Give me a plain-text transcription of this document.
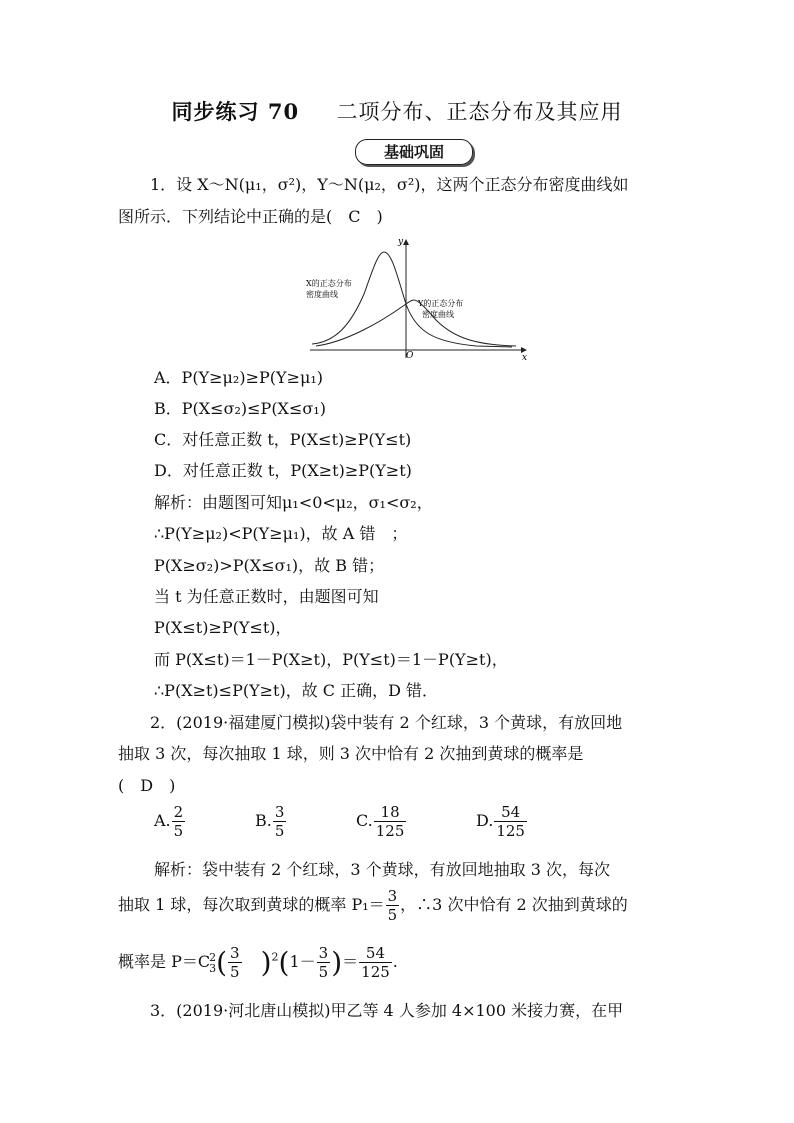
同步练习 70 二项分布、正态分布及其应用
基础巩固
1．设 X～N(μ₁，σ²)，Y～N(μ₂，σ²)，这两个正态分布密度曲线如
图所示．下列结论中正确的是(　C　)
y
x
O
X的正态分布
密度曲线
Y的正态分布
密度曲线
A．P(Y≥μ₂)≥P(Y≥μ₁)
B．P(X≤σ₂)≤P(X≤σ₁)
C．对任意正数 t，P(X≤t)≥P(Y≤t)
D．对任意正数 t，P(X≥t)≥P(Y≥t)
解析：由题图可知μ₁<0<μ₂，σ₁<σ₂，
∴P(Y≥μ₂)<P(Y≥μ₁)，故 A 错　；
P(X≥σ₂)>P(X≤σ₁)，故 B 错；
当 t 为任意正数时，由题图可知
P(X≤t)≥P(Y≤t)，
而 P(X≤t)＝1－P(X≥t)，P(Y≤t)＝1－P(Y≥t)，
∴P(X≥t)≤P(Y≥t)，故 C 正确，D 错．
2．(2019·福建厦门模拟)袋中装有 2 个红球，3 个黄球，有放回地
抽取 3 次，每次抽取 1 球，则 3 次中恰有 2 次抽到黄球的概率是
(　D　)
A. $\frac{2}{5}$	B. $\frac{3}{5}$	C. $\frac{18}{125}$	D. $\frac{54}{125}$
解析：袋中装有 2 个红球，3 个黄球，有放回地抽取 3 次，每次
抽取 1 球，每次取到黄球的概率 $P_1= \frac{3}{5}$ ，∴3 次中恰有 2 次抽到黄球的
概率是 P＝C 2
3 ( $\frac{3}{5} )^2(1- \frac{3}{5}$ )＝ $\frac{54}{125}$ .
3．(2019·河北唐山模拟)甲乙等 4 人参加 4×100 米接力赛，在甲
